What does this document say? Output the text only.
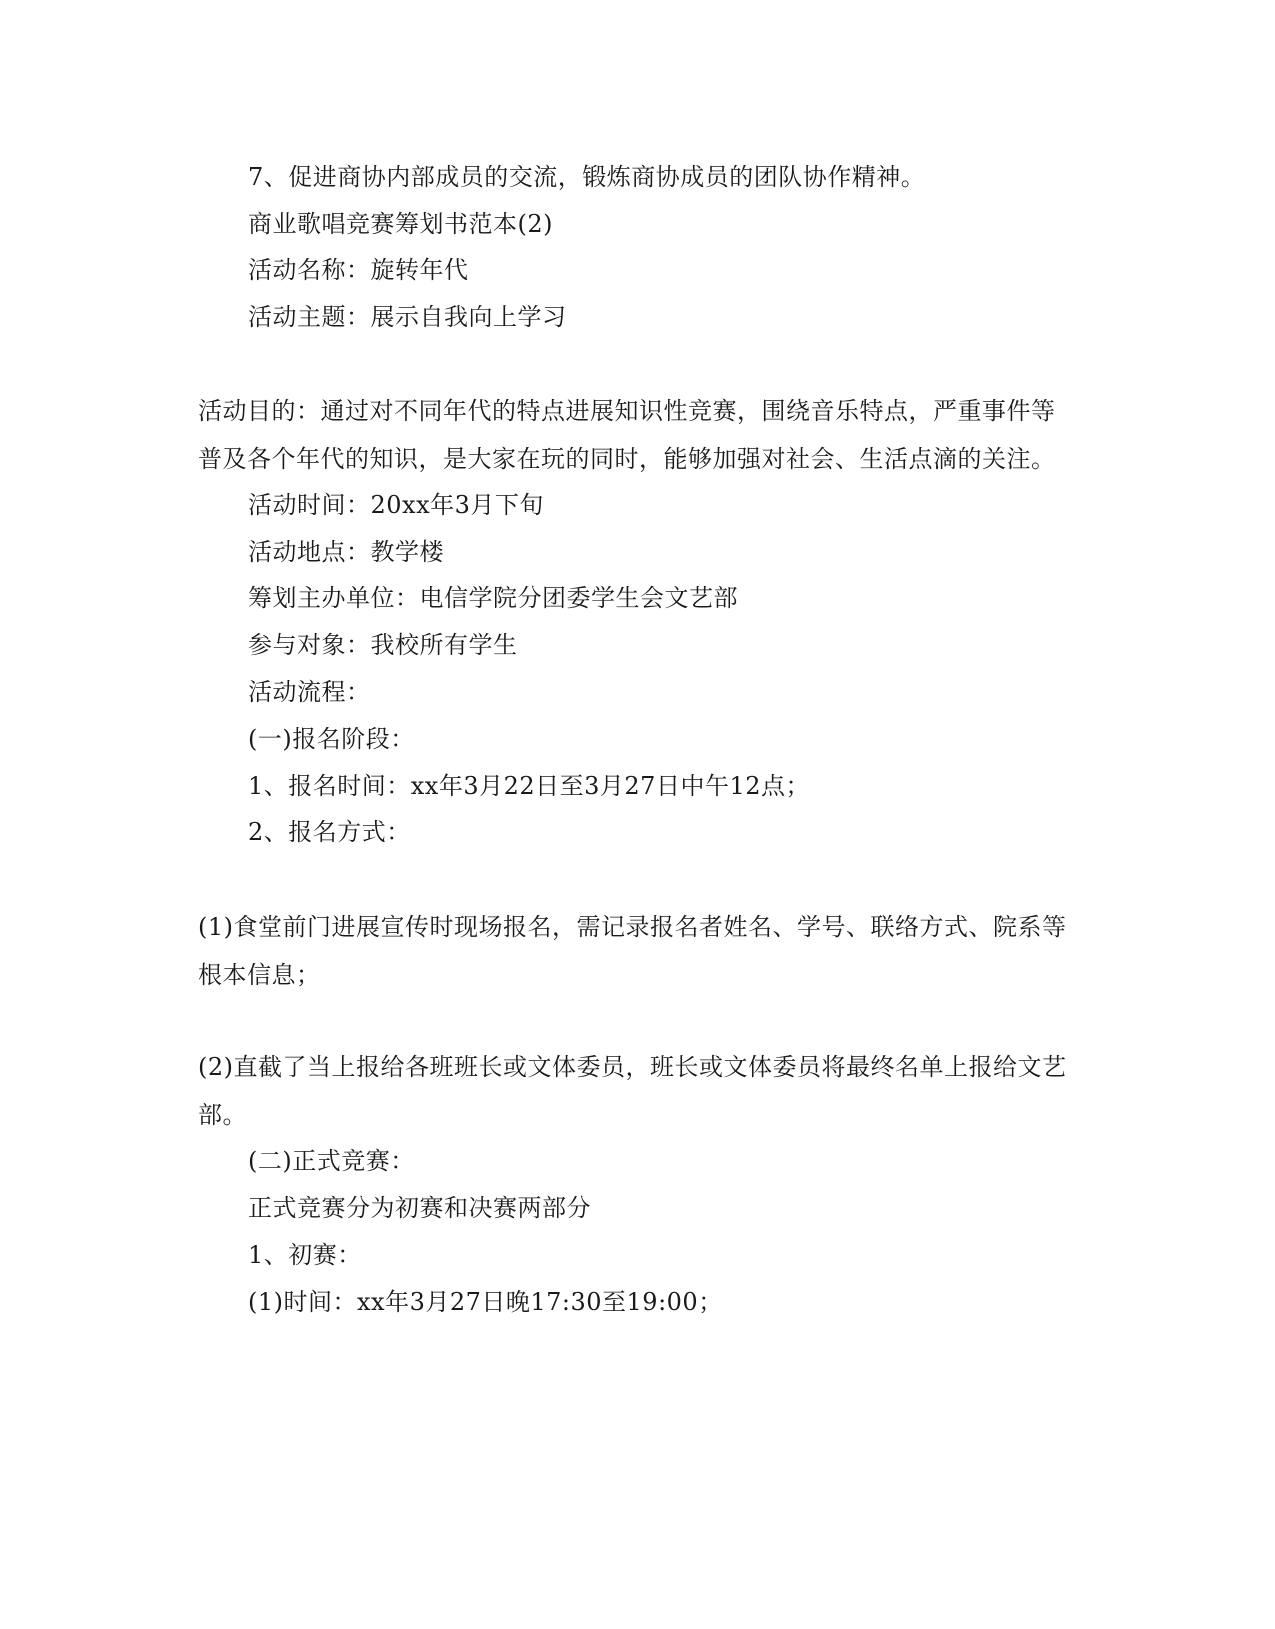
7、促进商协内部成员的交流，锻炼商协成员的团队协作精神。
商业歌唱竞赛筹划书范本(2)
活动名称：旋转年代
活动主题：展示自我向上学习
活动目的：通过对不同年代的特点进展知识性竞赛，围绕音乐特点，严重事件等普及各个年代的知识，是大家在玩的同时，能够加强对社会、生活点滴的关注。
活动时间：20xx年3月下旬
活动地点：教学楼
筹划主办单位：电信学院分团委学生会文艺部
参与对象：我校所有学生
活动流程：
(一)报名阶段：
1、报名时间：xx年3月22日至3月27日中午12点；
2、报名方式：
(1)食堂前门进展宣传时现场报名，需记录报名者姓名、学号、联络方式、院系等根本信息；
(2)直截了当上报给各班班长或文体委员，班长或文体委员将最终名单上报给文艺部。
(二)正式竞赛：
正式竞赛分为初赛和决赛两部分
1、初赛：
(1)时间：xx年3月27日晚17:30至19:00；
